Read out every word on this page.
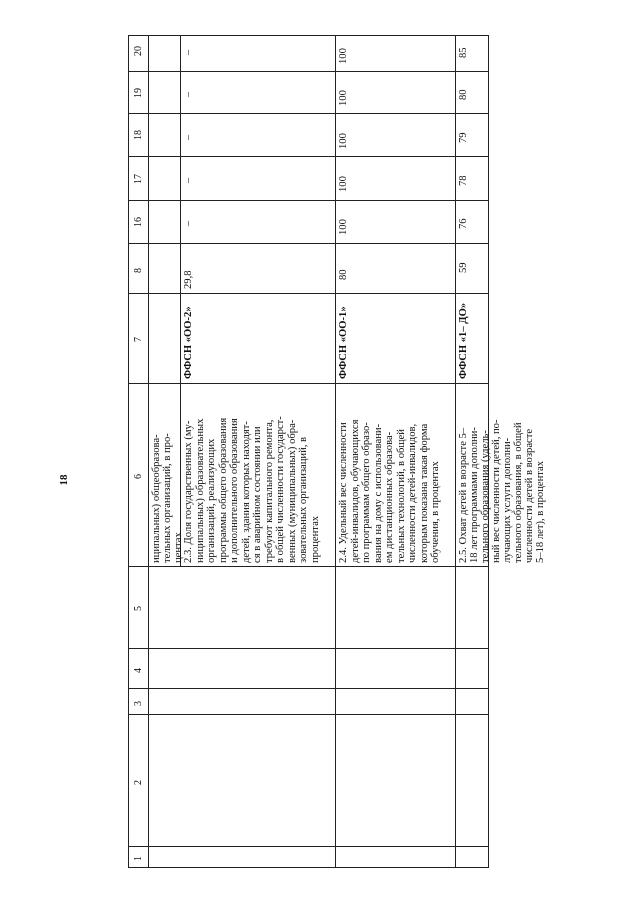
18
1
2
3
4
5
6
7
8
16
17
18
19
20
иципальных) общеобразова- тельных организаций, в про- центах 2.3. Доля государственных (му- ниципальных) образовательных организаций, реализующих программы общего образования и дополнительного образования детей, здания которых находят- ся в аварийном состоянии или требуют капитального ремонта, в общей численности государст- венных (муниципальных) обра- зовательных организаций, в процентах
ФФСН «ОО-2»
29,8
–
–
–
–
–
2.4. Удельный вес численности детей-инвалидов, обучающихся по программам общего образо- вания на дому с использовани- ем дистанционных образова- тельных технологий, в общей численности детей-инвалидов, которым показана такая форма обучения, в процентах
ФФСН «ОО-1»
80
100
100
100
100
100
2.5. Охват детей в возрасте 5– 18 лет программами дополни- тельного образования (удель- ный вес численности детей, по- лучающих услуги дополни- тельного образования, в общей численности детей в возрасте 5–18 лет), в процентах
ФФСН «1– ДО»
59
76
78
79
80
85
